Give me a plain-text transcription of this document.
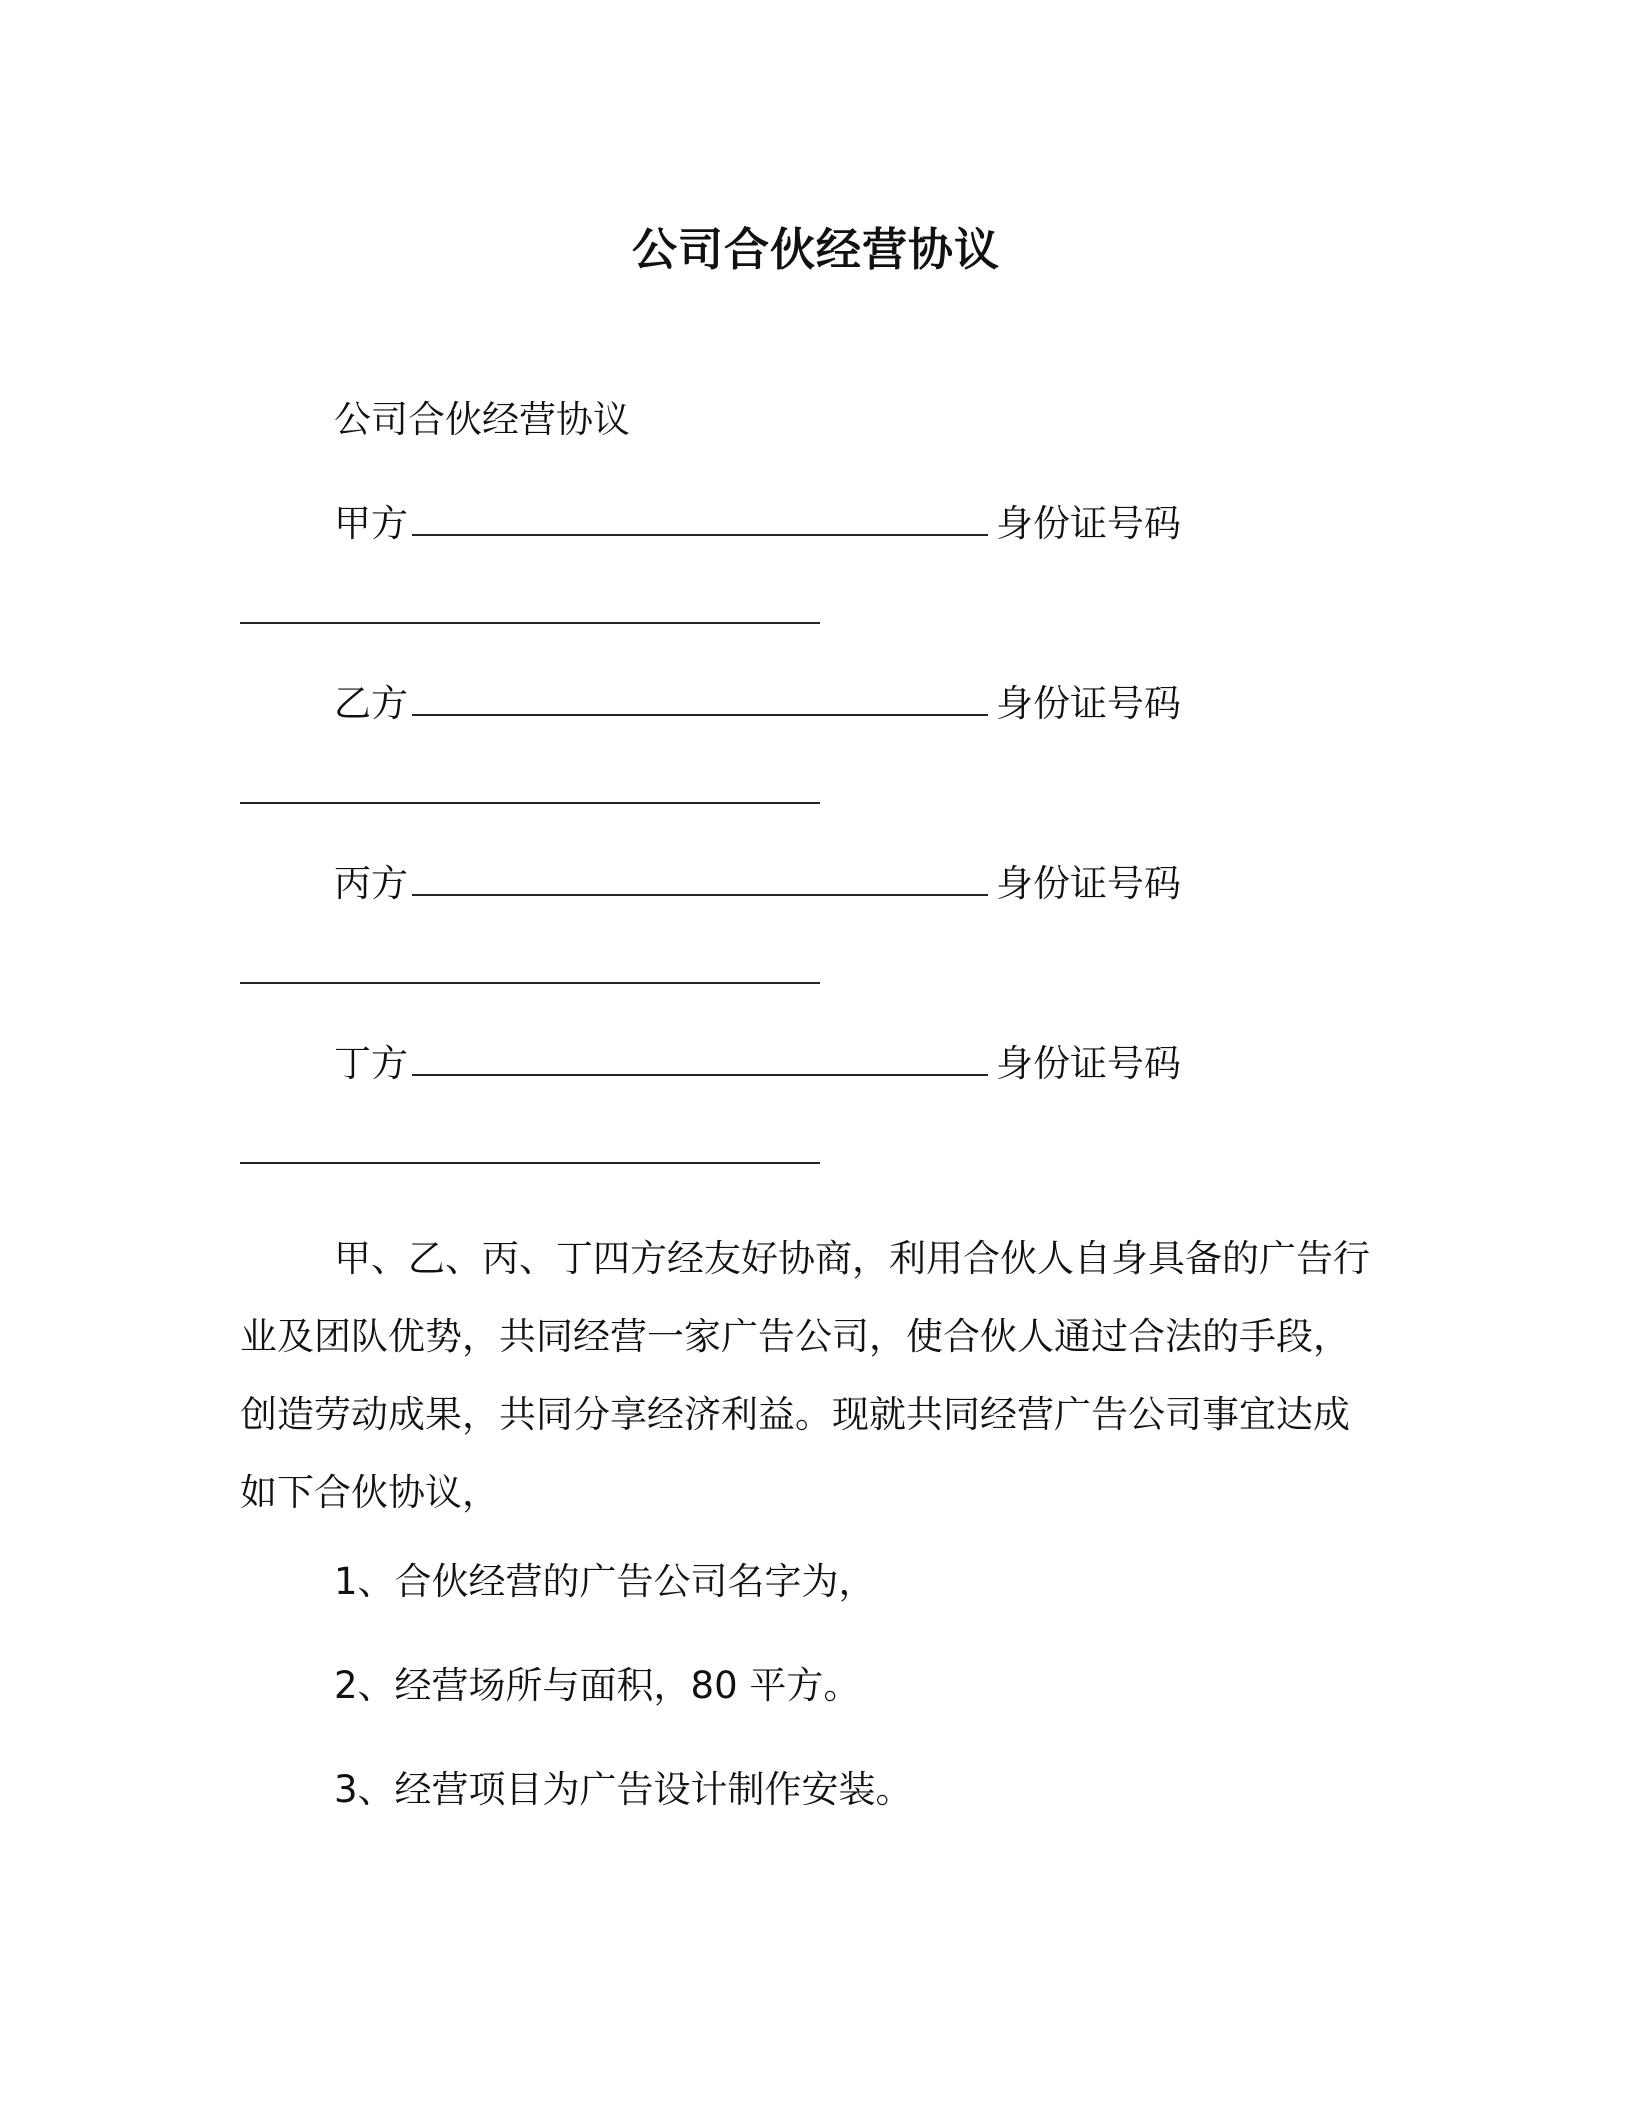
公司合伙经营协议
公司合伙经营协议
甲方	身份证号码
乙方	身份证号码
丙方	身份证号码
丁方	身份证号码
甲、乙、丙、丁四方经友好协商，利用合伙人自身具备的广告行
业及团队优势，共同经营一家广告公司，使合伙人通过合法的手段，
创造劳动成果，共同分享经济利益。现就共同经营广告公司事宜达成
如下合伙协议，
1、合伙经营的广告公司名字为，
2、经营场所与面积，80 平方。
3、经营项目为广告设计制作安装。
